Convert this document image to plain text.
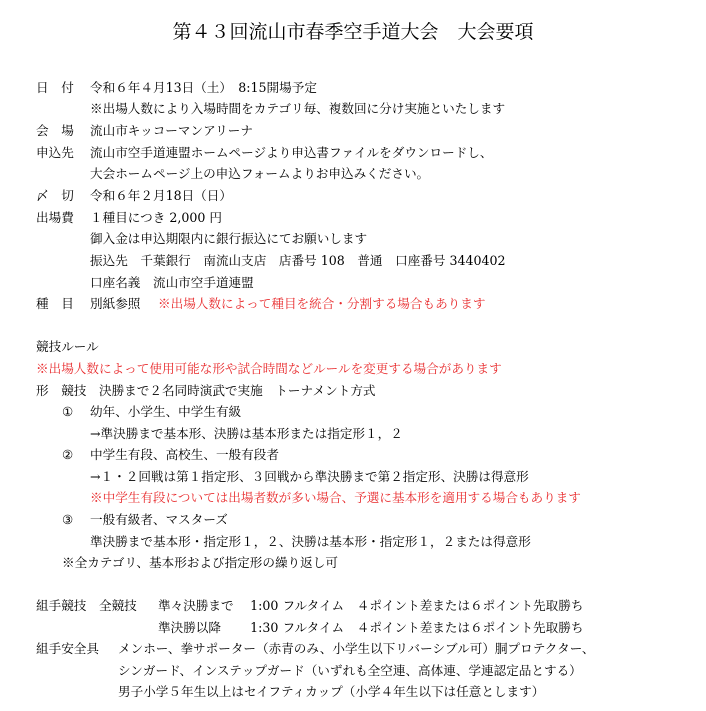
第４３回流山市春季空手道大会　大会要項
日　付 令和６年４月13日（土）　8:15開場予定
※出場人数により入場時間をカテゴリ毎、複数回に分け実施といたします
会　場 流山市キッコーマンアリーナ
申込先 流山市空手道連盟ホームページより申込書ファイルをダウンロードし、
大会ホームページ上の申込フォームよりお申込みください。
〆　切 令和６年２月18日（日）
出場費 １種目につき 2,000 円
御入金は申込期限内に銀行振込にてお願いします
振込先　千葉銀行　南流山支店　店番号 108　普通　口座番号 3440402
口座名義　流山市空手道連盟
種　目 別紙参照 ※出場人数によって種目を統合・分割する場合もあります
競技ルール
※出場人数によって使用可能な形や試合時間などルールを変更する場合があります
形　競技　決勝まで２名同時演武で実施　トーナメント方式
① 幼年、小学生、中学生有級
→準決勝まで基本形、決勝は基本形または指定形１，２
② 中学生有段、高校生、一般有段者
→１・２回戦は第１指定形、３回戦から準決勝まで第２指定形、決勝は得意形
※中学生有段については出場者数が多い場合、予選に基本形を適用する場合もあります
③ 一般有級者、マスターズ
準決勝まで基本形・指定形１，２、決勝は基本形・指定形１，２または得意形
※全カテゴリ、基本形および指定形の繰り返し可
組手競技　全競技 準々決勝まで　 1:00 フルタイム　４ポイント差または６ポイント先取勝ち
準決勝以降　　 1:30 フルタイム　４ポイント差または６ポイント先取勝ち
組手安全具 メンホー、拳サポーター（赤青のみ、小学生以下リバーシブル可）胴プロテクター、
シンガード、インステップガード（いずれも全空連、高体連、学連認定品とする）
男子小学５年生以上はセイフティカップ（小学４年生以下は任意とします）
